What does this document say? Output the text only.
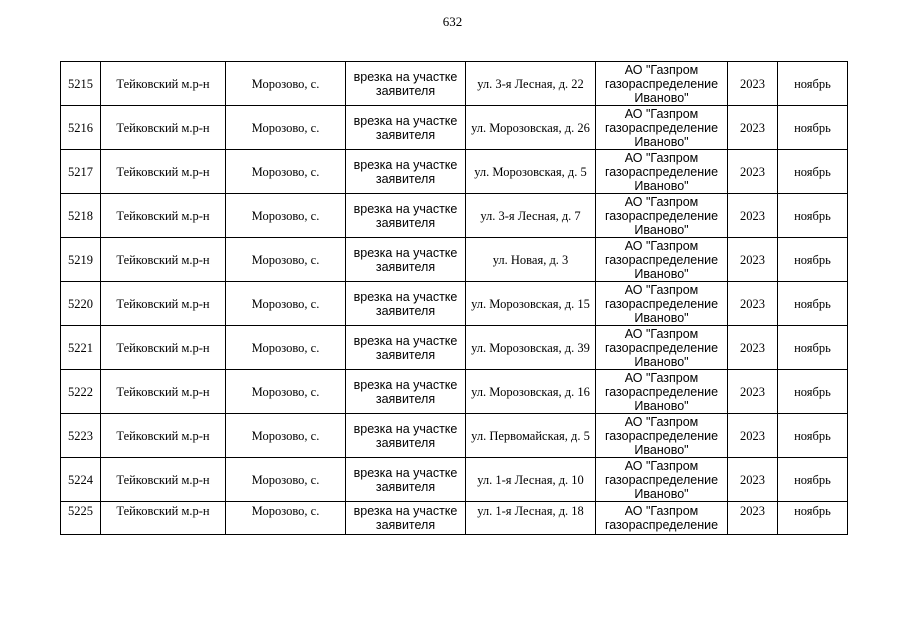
632
5215	Тейковский м.р-н	Морозово, с.	врезка на участке заявителя	ул. 3-я Лесная, д. 22	АО "Газпром газораспределение Иваново"	2023	ноябрь

5216	Тейковский м.р-н	Морозово, с.	врезка на участке заявителя	ул. Морозовская, д. 26	АО "Газпром газораспределение Иваново"	2023	ноябрь

5217	Тейковский м.р-н	Морозово, с.	врезка на участке заявителя	ул. Морозовская, д. 5	АО "Газпром газораспределение Иваново"	2023	ноябрь

5218	Тейковский м.р-н	Морозово, с.	врезка на участке заявителя	ул. 3-я Лесная, д. 7	АО "Газпром газораспределение Иваново"	2023	ноябрь

5219	Тейковский м.р-н	Морозово, с.	врезка на участке заявителя	ул. Новая, д. 3	АО "Газпром газораспределение Иваново"	2023	ноябрь

5220	Тейковский м.р-н	Морозово, с.	врезка на участке заявителя	ул. Морозовская, д. 15	АО "Газпром газораспределение Иваново"	2023	ноябрь

5221	Тейковский м.р-н	Морозово, с.	врезка на участке заявителя	ул. Морозовская, д. 39	АО "Газпром газораспределение Иваново"	2023	ноябрь

5222	Тейковский м.р-н	Морозово, с.	врезка на участке заявителя	ул. Морозовская, д. 16	АО "Газпром газораспределение Иваново"	2023	ноябрь

5223	Тейковский м.р-н	Морозово, с.	врезка на участке заявителя	ул. Первомайская, д. 5	АО "Газпром газораспределение Иваново"	2023	ноябрь

5224	Тейковский м.р-н	Морозово, с.	врезка на участке заявителя	ул. 1-я Лесная, д. 10	АО "Газпром газораспределение Иваново"	2023	ноябрь

5225	Тейковский м.р-н	Морозово, с.	врезка на участке заявителя	ул. 1-я Лесная, д. 18	АО "Газпром газораспределение	2023	ноябрь
